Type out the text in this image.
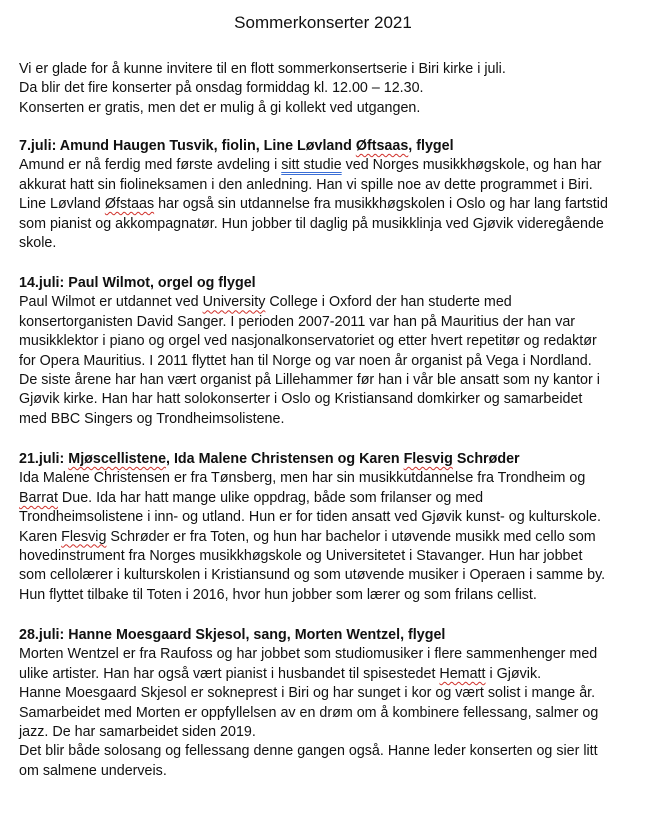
Sommerkonserter 2021
Vi er glade for å kunne invitere til en flott sommerkonsertserie i Biri kirke i juli.
Da blir det fire konserter på onsdag formiddag kl. 12.00 – 12.30.
Konserten er gratis, men det er mulig å gi kollekt ved utgangen.
7.juli: Amund Haugen Tusvik, fiolin, Line Løvland Øftsaas, flygel
Amund er nå ferdig med første avdeling i sitt studie ved Norges musikkhøgskole, og han har
akkurat hatt sin fiolineksamen i den anledning. Han vi spille noe av dette programmet i Biri.
Line Løvland Øfstaas har også sin utdannelse fra musikkhøgskolen i Oslo og har lang fartstid
som pianist og akkompagnatør. Hun jobber til daglig på musikklinja ved Gjøvik videregående
skole.
14.juli: Paul Wilmot, orgel og flygel
Paul Wilmot er utdannet ved University College i Oxford der han studerte med
konsertorganisten David Sanger. I perioden 2007-2011 var han på Mauritius der han var
musikklektor i piano og orgel ved nasjonalkonservatoriet og etter hvert repetitør og redaktør
for Opera Mauritius. I 2011 flyttet han til Norge og var noen år organist på Vega i Nordland.
De siste årene har han vært organist på Lillehammer før han i vår ble ansatt som ny kantor i
Gjøvik kirke. Han har hatt solokonserter i Oslo og Kristiansand domkirker og samarbeidet
med BBC Singers og Trondheimsolistene.
21.juli: Mjøscellistene, Ida Malene Christensen og Karen Flesvig Schrøder
Ida Malene Christensen er fra Tønsberg, men har sin musikkutdannelse fra Trondheim og
Barrat Due. Ida har hatt mange ulike oppdrag, både som frilanser og med
Trondheimsolistene i inn- og utland. Hun er for tiden ansatt ved Gjøvik kunst- og kulturskole.
Karen Flesvig Schrøder er fra Toten, og hun har bachelor i utøvende musikk med cello som
hovedinstrument fra Norges musikkhøgskole og Universitetet i Stavanger. Hun har jobbet
som cellolærer i kulturskolen i Kristiansund og som utøvende musiker i Operaen i samme by.
Hun flyttet tilbake til Toten i 2016, hvor hun jobber som lærer og som frilans cellist.
28.juli: Hanne Moesgaard Skjesol, sang, Morten Wentzel, flygel
Morten Wentzel er fra Raufoss og har jobbet som studiomusiker i flere sammenhenger med
ulike artister. Han har også vært pianist i husbandet til spisestedet Hematt i Gjøvik.
Hanne Moesgaard Skjesol er sokneprest i Biri og har sunget i kor og vært solist i mange år.
Samarbeidet med Morten er oppfyllelsen av en drøm om å kombinere fellessang, salmer og
jazz. De har samarbeidet siden 2019.
Det blir både solosang og fellessang denne gangen også. Hanne leder konserten og sier litt
om salmene underveis.
